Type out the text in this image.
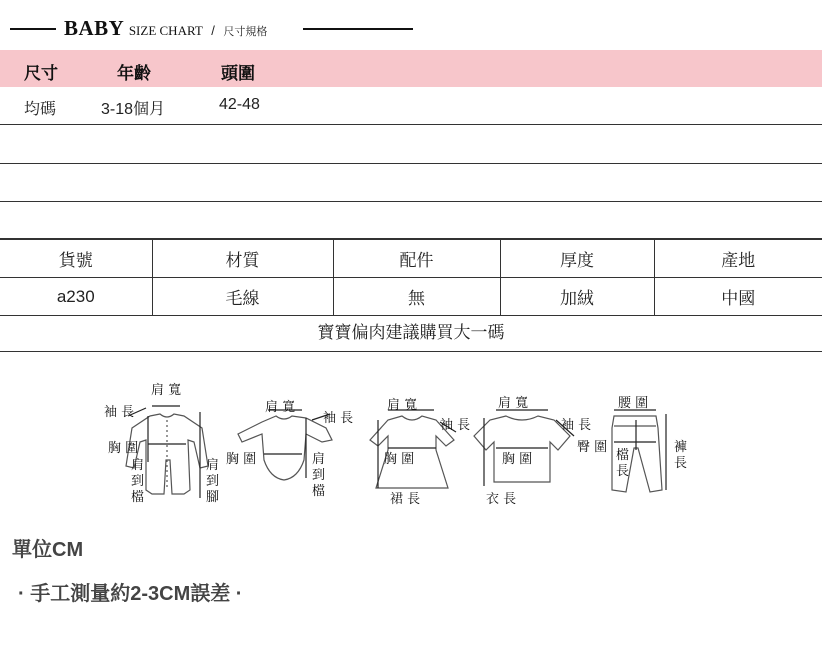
BABY SIZE CHART / 尺寸規格
尺寸	年齡	頭圍
均碼	3-18個月	42-48
貨號	材質	配件	厚度	產地
a230	毛線	無	加絨	中國
寶寶偏肉建議購買大一碼
肩 寬
袖 長
胸 圍
肩到檔
肩到腳
肩 寬
袖 長
胸 圍	肩到檔
肩 寬
袖 長
胸 圍
裙 長
肩 寬
袖 長
胸 圍
衣 長
腰 圍
臀 圍
檔長
褲長
單位CM
· 手工測量約2-3CM誤差 ·
